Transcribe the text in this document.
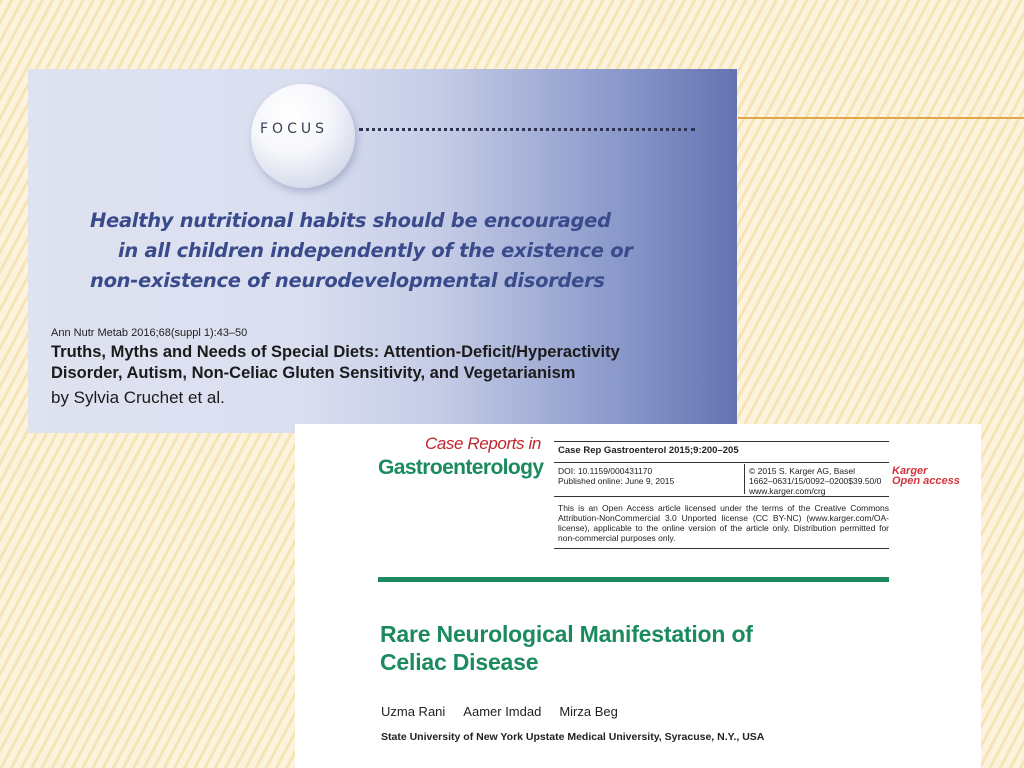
FOCUS
Healthy nutritional habits should be encouraged
in all children independently of the existence or
non-existence of neurodevelopmental disorders
Ann Nutr Metab 2016;68(suppl 1):43–50
Truths, Myths and Needs of Special Diets: Attention-Deficit/Hyperactivity
Disorder, Autism, Non-Celiac Gluten Sensitivity, and Vegetarianism
by Sylvia Cruchet et al.
Case Reports in
Gastroenterology
Case Rep Gastroenterol 2015;9:200–205
DOI: 10.1159/000431170
Published online: June 9, 2015
© 2015 S. Karger AG, Basel
1662–0631/15/0092–0200$39.50/0
www.karger.com/crg
Karger
Open access
This is an Open Access article licensed under the terms of the Creative Commons Attribution-NonCommercial 3.0 Unported license (CC BY-NC) (www.karger.com/OA-license), applicable to the online version of the article only. Distribution permitted for non-commercial purposes only.
Rare Neurological Manifestation of
Celiac Disease
Uzma Rani Aamer Imdad Mirza Beg
State University of New York Upstate Medical University, Syracuse, N.Y., USA
